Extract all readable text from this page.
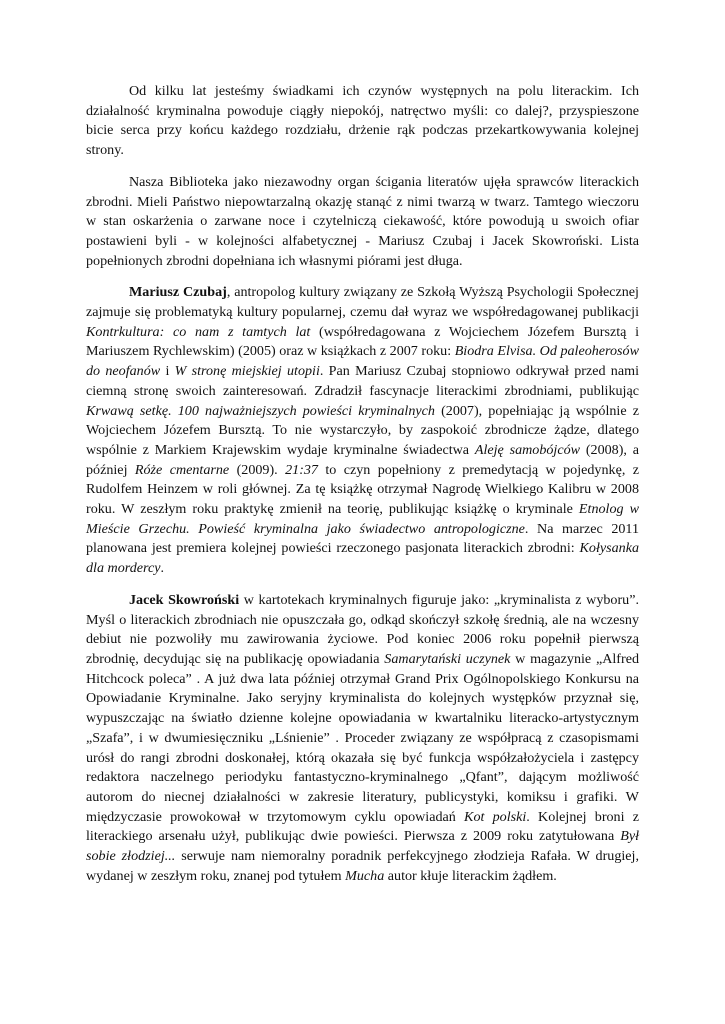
Od kilku lat jesteśmy świadkami ich czynów występnych na polu literackim. Ich działalność kryminalna powoduje ciągły niepokój, natręctwo myśli: co dalej?, przyspieszone bicie serca przy końcu każdego rozdziału, drżenie rąk podczas przekartkowywania kolejnej strony.

Nasza Biblioteka jako niezawodny organ ścigania literatów ujęła sprawców literackich zbrodni. Mieli Państwo niepowtarzalną okazję stanąć z nimi twarzą w twarz. Tamtego wieczoru w stan oskarżenia o zarwane noce i czytelniczą ciekawość, które powodują u swoich ofiar postawieni byli - w kolejności alfabetycznej - Mariusz Czubaj i Jacek Skowroński. Lista popełnionych zbrodni dopełniana ich własnymi piórami jest długa.

Mariusz Czubaj, antropolog kultury związany ze Szkołą Wyższą Psychologii Społecznej zajmuje się problematyką kultury popularnej, czemu dał wyraz we współredagowanej publikacji Kontrkultura: co nam z tamtych lat (współredagowana z Wojciechem Józefem Bursztą i Mariuszem Rychlewskim) (2005) oraz w książkach z 2007 roku: Biodra Elvisa. Od paleoherosów do neofanów i W stronę miejskiej utopii. Pan Mariusz Czubaj stopniowo odkrywał przed nami ciemną stronę swoich zainteresowań. Zdradził fascynacje literackimi zbrodniami, publikując Krwawą setkę. 100 najważniejszych powieści kryminalnych (2007), popełniając ją wspólnie z Wojciechem Józefem Bursztą. To nie wystarczyło, by zaspokoić zbrodnicze żądze, dlatego wspólnie z Markiem Krajewskim wydaje kryminalne świadectwa Aleję samobójców (2008), a później Róże cmentarne (2009). 21:37 to czyn popełniony z premedytacją w pojedynkę, z Rudolfem Heinzem w roli głównej. Za tę książkę otrzymał Nagrodę Wielkiego Kalibru w 2008 roku. W zeszłym roku praktykę zmienił na teorię, publikując książkę o kryminale Etnolog w Mieście Grzechu. Powieść kryminalna jako świadectwo antropologiczne. Na marzec 2011 planowana jest premiera kolejnej powieści rzeczonego pasjonata literackich zbrodni: Kołysanka dla mordercy.

Jacek Skowroński w kartotekach kryminalnych figuruje jako: „kryminalista z wyboru”. Myśl o literackich zbrodniach nie opuszczała go, odkąd skończył szkołę średnią, ale na wczesny debiut nie pozwoliły mu zawirowania życiowe. Pod koniec 2006 roku popełnił pierwszą zbrodnię, decydując się na publikację opowiadania Samarytański uczynek w magazynie „Alfred Hitchcock poleca” . A już dwa lata później otrzymał Grand Prix Ogólnopolskiego Konkursu na Opowiadanie Kryminalne. Jako seryjny kryminalista do kolejnych występków przyznał się, wypuszczając na światło dzienne kolejne opowiadania w kwartalniku literacko-artystycznym „Szafa”, i w dwumiesięczniku „Lśnienie” . Proceder związany ze współpracą z czasopismami urósł do rangi zbrodni doskonałej, którą okazała się być funkcja współzałożyciela i zastępcy redaktora naczelnego periodyku fantastyczno-kryminalnego „Qfant”, dającym możliwość autorom do niecnej działalności w zakresie literatury, publicystyki, komiksu i grafiki. W międzyczasie prowokował w trzytomowym cyklu opowiadań Kot polski. Kolejnej broni z literackiego arsenału użył, publikując dwie powieści. Pierwsza z 2009 roku zatytułowana Był sobie złodziej... serwuje nam niemoralny poradnik perfekcyjnego złodzieja Rafała. W drugiej, wydanej w zeszłym roku, znanej pod tytułem Mucha autor kłuje literackim żądłem.
